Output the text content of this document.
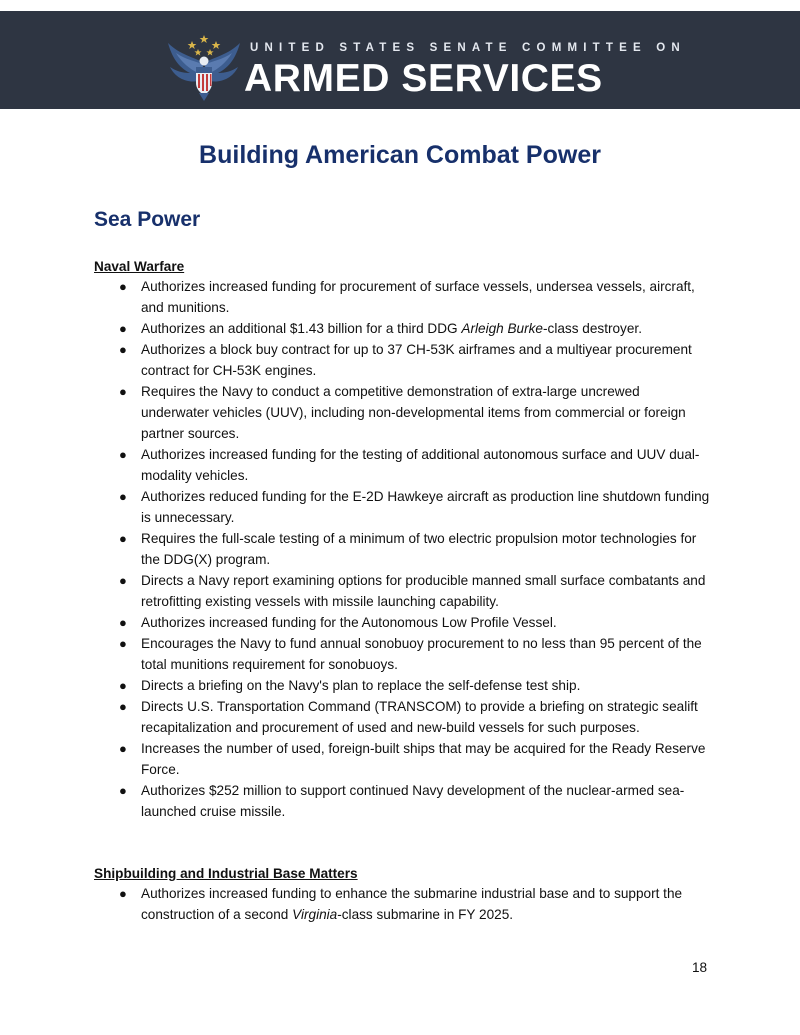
UNITED STATES SENATE COMMITTEE ON
ARMED SERVICES
Building American Combat Power
Sea Power
Naval Warfare
● Authorizes increased funding for procurement of surface vessels, undersea vessels, aircraft, and munitions.
● Authorizes an additional $1.43 billion for a third DDG Arleigh Burke-class destroyer.
● Authorizes a block buy contract for up to 37 CH-53K airframes and a multiyear procurement contract for CH-53K engines.
● Requires the Navy to conduct a competitive demonstration of extra-large uncrewed underwater vehicles (UUV), including non-developmental items from commercial or foreign partner sources.
● Authorizes increased funding for the testing of additional autonomous surface and UUV dual-modality vehicles.
● Authorizes reduced funding for the E-2D Hawkeye aircraft as production line shutdown funding is unnecessary.
● Requires the full-scale testing of a minimum of two electric propulsion motor technologies for the DDG(X) program.
● Directs a Navy report examining options for producible manned small surface combatants and retrofitting existing vessels with missile launching capability.
● Authorizes increased funding for the Autonomous Low Profile Vessel.
● Encourages the Navy to fund annual sonobuoy procurement to no less than 95 percent of the total munitions requirement for sonobuoys.
● Directs a briefing on the Navy's plan to replace the self-defense test ship.
● Directs U.S. Transportation Command (TRANSCOM) to provide a briefing on strategic sealift recapitalization and procurement of used and new-build vessels for such purposes.
● Increases the number of used, foreign-built ships that may be acquired for the Ready Reserve Force.
● Authorizes $252 million to support continued Navy development of the nuclear-armed sea-launched cruise missile.
Shipbuilding and Industrial Base Matters
● Authorizes increased funding to enhance the submarine industrial base and to support the construction of a second Virginia-class submarine in FY 2025.
18
